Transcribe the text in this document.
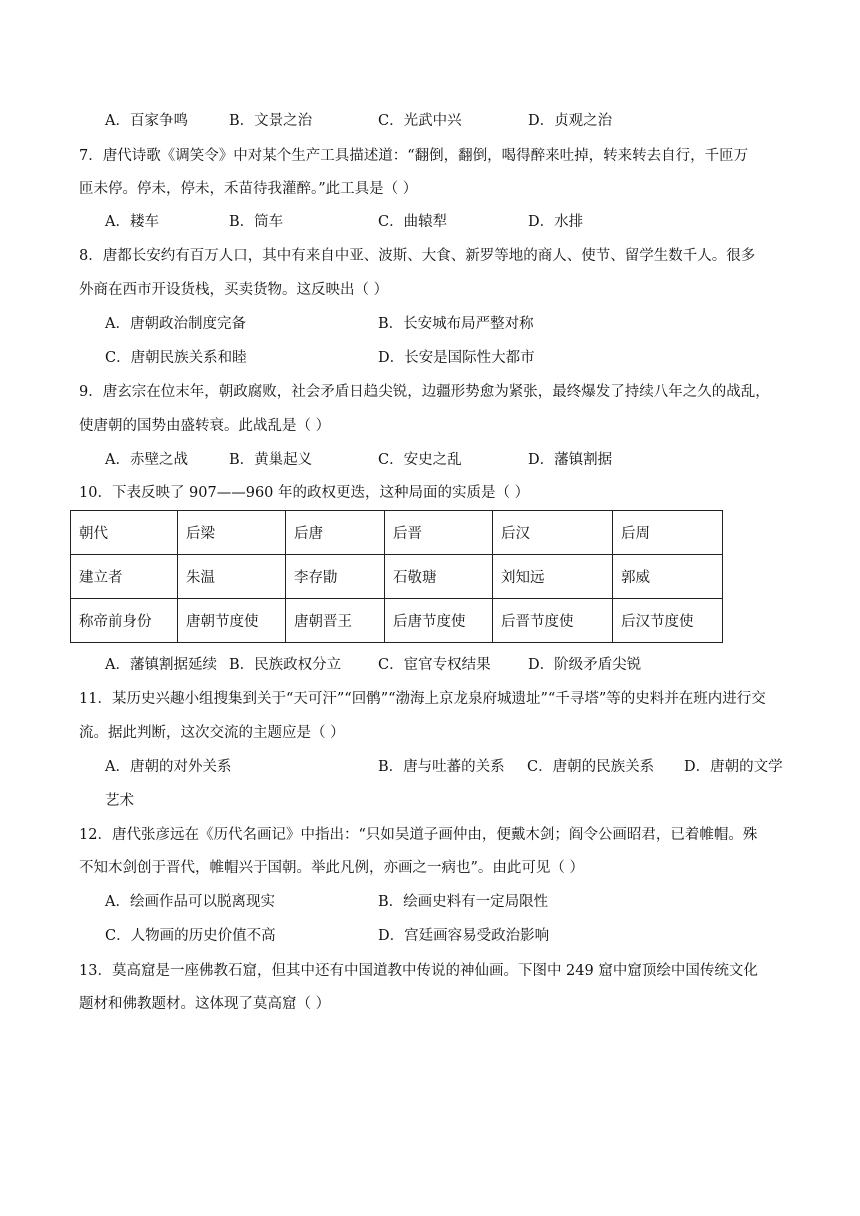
A．百家争鸣	B．文景之治	C．光武中兴	D．贞观之治
7．唐代诗歌《调笑令》中对某个生产工具描述道：“翻倒，翻倒，喝得醉来吐掉，转来转去自行，千匝万
匝未停。停未，停未，禾苗待我灌醉。”此工具是（ ）
A．耧车	B．筒车	C．曲辕犁	D．水排
8．唐都长安约有百万人口，其中有来自中亚、波斯、大食、新罗等地的商人、使节、留学生数千人。很多
外商在西市开设货栈，买卖货物。这反映出（ ）
A．唐朝政治制度完备	B．长安城布局严整对称
C．唐朝民族关系和睦	D．长安是国际性大都市
9．唐玄宗在位末年，朝政腐败，社会矛盾日趋尖锐，边疆形势愈为紧张，最终爆发了持续八年之久的战乱，
使唐朝的国势由盛转衰。此战乱是（ ）
A．赤壁之战	B．黄巢起义	C．安史之乱	D．藩镇割据
10．下表反映了 907——960 年的政权更迭，这种局面的实质是（ ）
朝代	后梁	后唐	后晋	后汉	后周
建立者	朱温	李存勖	石敬瑭	刘知远	郭威
称帝前身份	唐朝节度使	唐朝晋王	后唐节度使	后晋节度使	后汉节度使
A．藩镇割据延续 B．民族政权分立	C．宦官专权结果	D．阶级矛盾尖锐
11．某历史兴趣小组搜集到关于“天可汗”“回鹘”“渤海上京龙泉府城遗址”“千寻塔”等的史料并在班内进行交
流。据此判断，这次交流的主题应是（ ）
A．唐朝的对外关系	B．唐与吐蕃的关系 C．唐朝的民族关系 D．唐朝的文学
艺术
12．唐代张彦远在《历代名画记》中指出：“只如吴道子画仲由，便戴木剑；阎令公画昭君，已着帷帽。殊
不知木剑创于晋代，帷帽兴于国朝。举此凡例，亦画之一病也”。由此可见（ ）
A．绘画作品可以脱离现实	B．绘画史料有一定局限性
C．人物画的历史价值不高	D．宫廷画容易受政治影响
13．莫高窟是一座佛教石窟，但其中还有中国道教中传说的神仙画。下图中 249 窟中窟顶绘中国传统文化
题材和佛教题材。这体现了莫高窟（ ）
